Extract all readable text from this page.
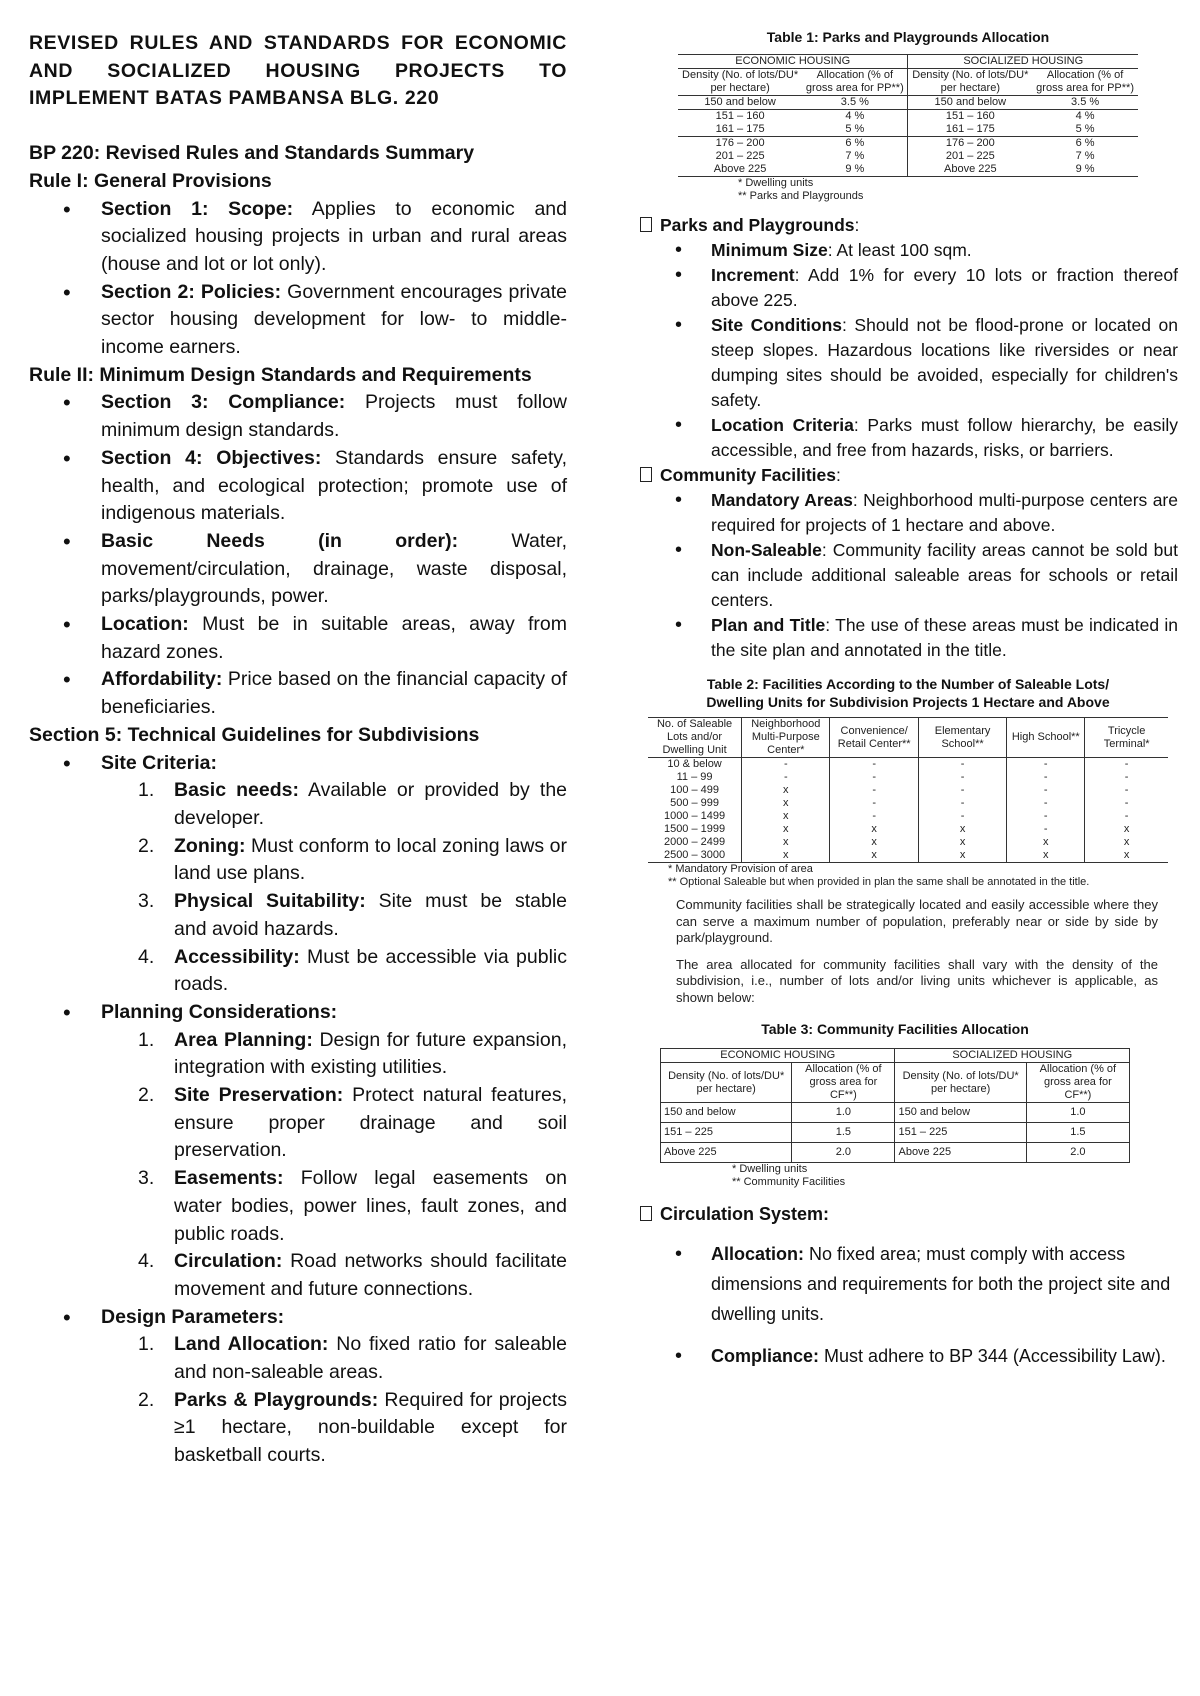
REVISED RULES AND STANDARDS FOR ECONOMIC AND SOCIALIZED HOUSING PROJECTS TO IMPLEMENT BATAS PAMBANSA BLG. 220
BP 220: Revised Rules and Standards Summary
Rule I: General Provisions
• Section 1: Scope: Applies to economic and socialized housing projects in urban and rural areas (house and lot or lot only).
• Section 2: Policies: Government encourages private sector housing development for low- to middle-income earners.
Rule II: Minimum Design Standards and Requirements
• Section 3: Compliance: Projects must follow minimum design standards.
• Section 4: Objectives: Standards ensure safety, health, and ecological protection; promote use of indigenous materials.
• Basic Needs (in order):	Water, movement/circulation, drainage, waste disposal, parks/playgrounds, power.
• Location: Must be in suitable areas, away from hazard zones.
• Affordability: Price based on the financial capacity of beneficiaries.
Section 5: Technical Guidelines for Subdivisions
• Site Criteria:
1. Basic needs: Available or provided by the developer.
2. Zoning: Must conform to local zoning laws or land use plans.
3. Physical Suitability: Site must be stable and avoid hazards.
4. Accessibility: Must be accessible via public roads.
• Planning Considerations:
1. Area Planning: Design for future expansion, integration with existing utilities.
2. Site Preservation: Protect natural features, ensure proper drainage and soil preservation.
3. Easements: Follow legal easements on water bodies, power lines, fault zones, and public roads.
4. Circulation: Road networks should facilitate movement and future connections.
• Design Parameters:
1. Land Allocation: No fixed ratio for saleable and non-saleable areas.
2. Parks & Playgrounds: Required for projects ≥1 hectare, non-buildable except for basketball courts.
Table 1: Parks and Playgrounds Allocation
ECONOMIC HOUSING		SOCIALIZED HOUSING	
Density (No. of lots/DU* per hectare)	Allocation (% of gross area for PP**)	Density (No. of lots/DU* per hectare)	Allocation (% of gross area for PP**)
150 and below	3.5 %	150 and below	3.5 %
151 – 160	4 %	151 – 160	4 %
161 – 175	5 %	161 – 175	5 %
176 – 200	6 %	176 – 200	6 %
201 – 225	7 %	201 – 225	7 %
Above 225	9 %	Above 225	9 %
* Dwelling units
** Parks and Playgrounds
Parks and Playgrounds:
• Minimum Size: At least 100 sqm.
• Increment: Add 1% for every 10 lots or fraction thereof above 225.
• Site Conditions: Should not be flood-prone or located on steep slopes. Hazardous locations like riversides or near dumping sites should be avoided, especially for children's safety.
• Location Criteria: Parks must follow hierarchy, be easily accessible, and free from hazards, risks, or barriers.
Community Facilities:
• Mandatory Areas: Neighborhood multi-purpose centers are required for projects of 1 hectare and above.
• Non-Saleable: Community facility areas cannot be sold but can include additional saleable areas for schools or retail centers.
• Plan and Title: The use of these areas must be indicated in the site plan and annotated in the title.
Table 2: Facilities According to the Number of Saleable Lots/
Dwelling Units for Subdivision Projects 1 Hectare and Above
No. of Saleable Lots and/or Dwelling Unit	Neighborhood Multi-Purpose Center*	Convenience/ Retail Center**	Elementary School**	High School**	Tricycle Terminal*
10 & below	-	-	-	-	-
11 – 99	-	-	-	-	-
100 – 499	x	-	-	-	-
500 – 999	x	-	-	-	-
1000 – 1499	x	-	-	-	-
1500 – 1999	x	x	x	-	x
2000 – 2499	x	x	x	x	x
2500 – 3000	x	x	x	x	x
* Mandatory Provision of area
** Optional Saleable but when provided in plan the same shall be annotated in the title.
Community facilities shall be strategically located and easily accessible where they can serve a maximum number of population, preferably near or side by side by park/playground.
The area allocated for community facilities shall vary with the density of the subdivision, i.e., number of lots and/or living units whichever is applicable, as shown below:
Table 3: Community Facilities Allocation
ECONOMIC HOUSING		SOCIALIZED HOUSING	
Density (No. of lots/DU* per hectare)	Allocation (% of gross area for CF**)	Density (No. of lots/DU* per hectare)	Allocation (% of gross area for CF**)
150 and below	1.0	150 and below	1.0
151 – 225	1.5	151 – 225	1.5
Above 225	2.0	Above 225	2.0
* Dwelling units
** Community Facilities
Circulation System:
• Allocation: No fixed area; must comply with access dimensions and requirements for both the project site and dwelling units.
• Compliance: Must adhere to BP 344 (Accessibility Law).
